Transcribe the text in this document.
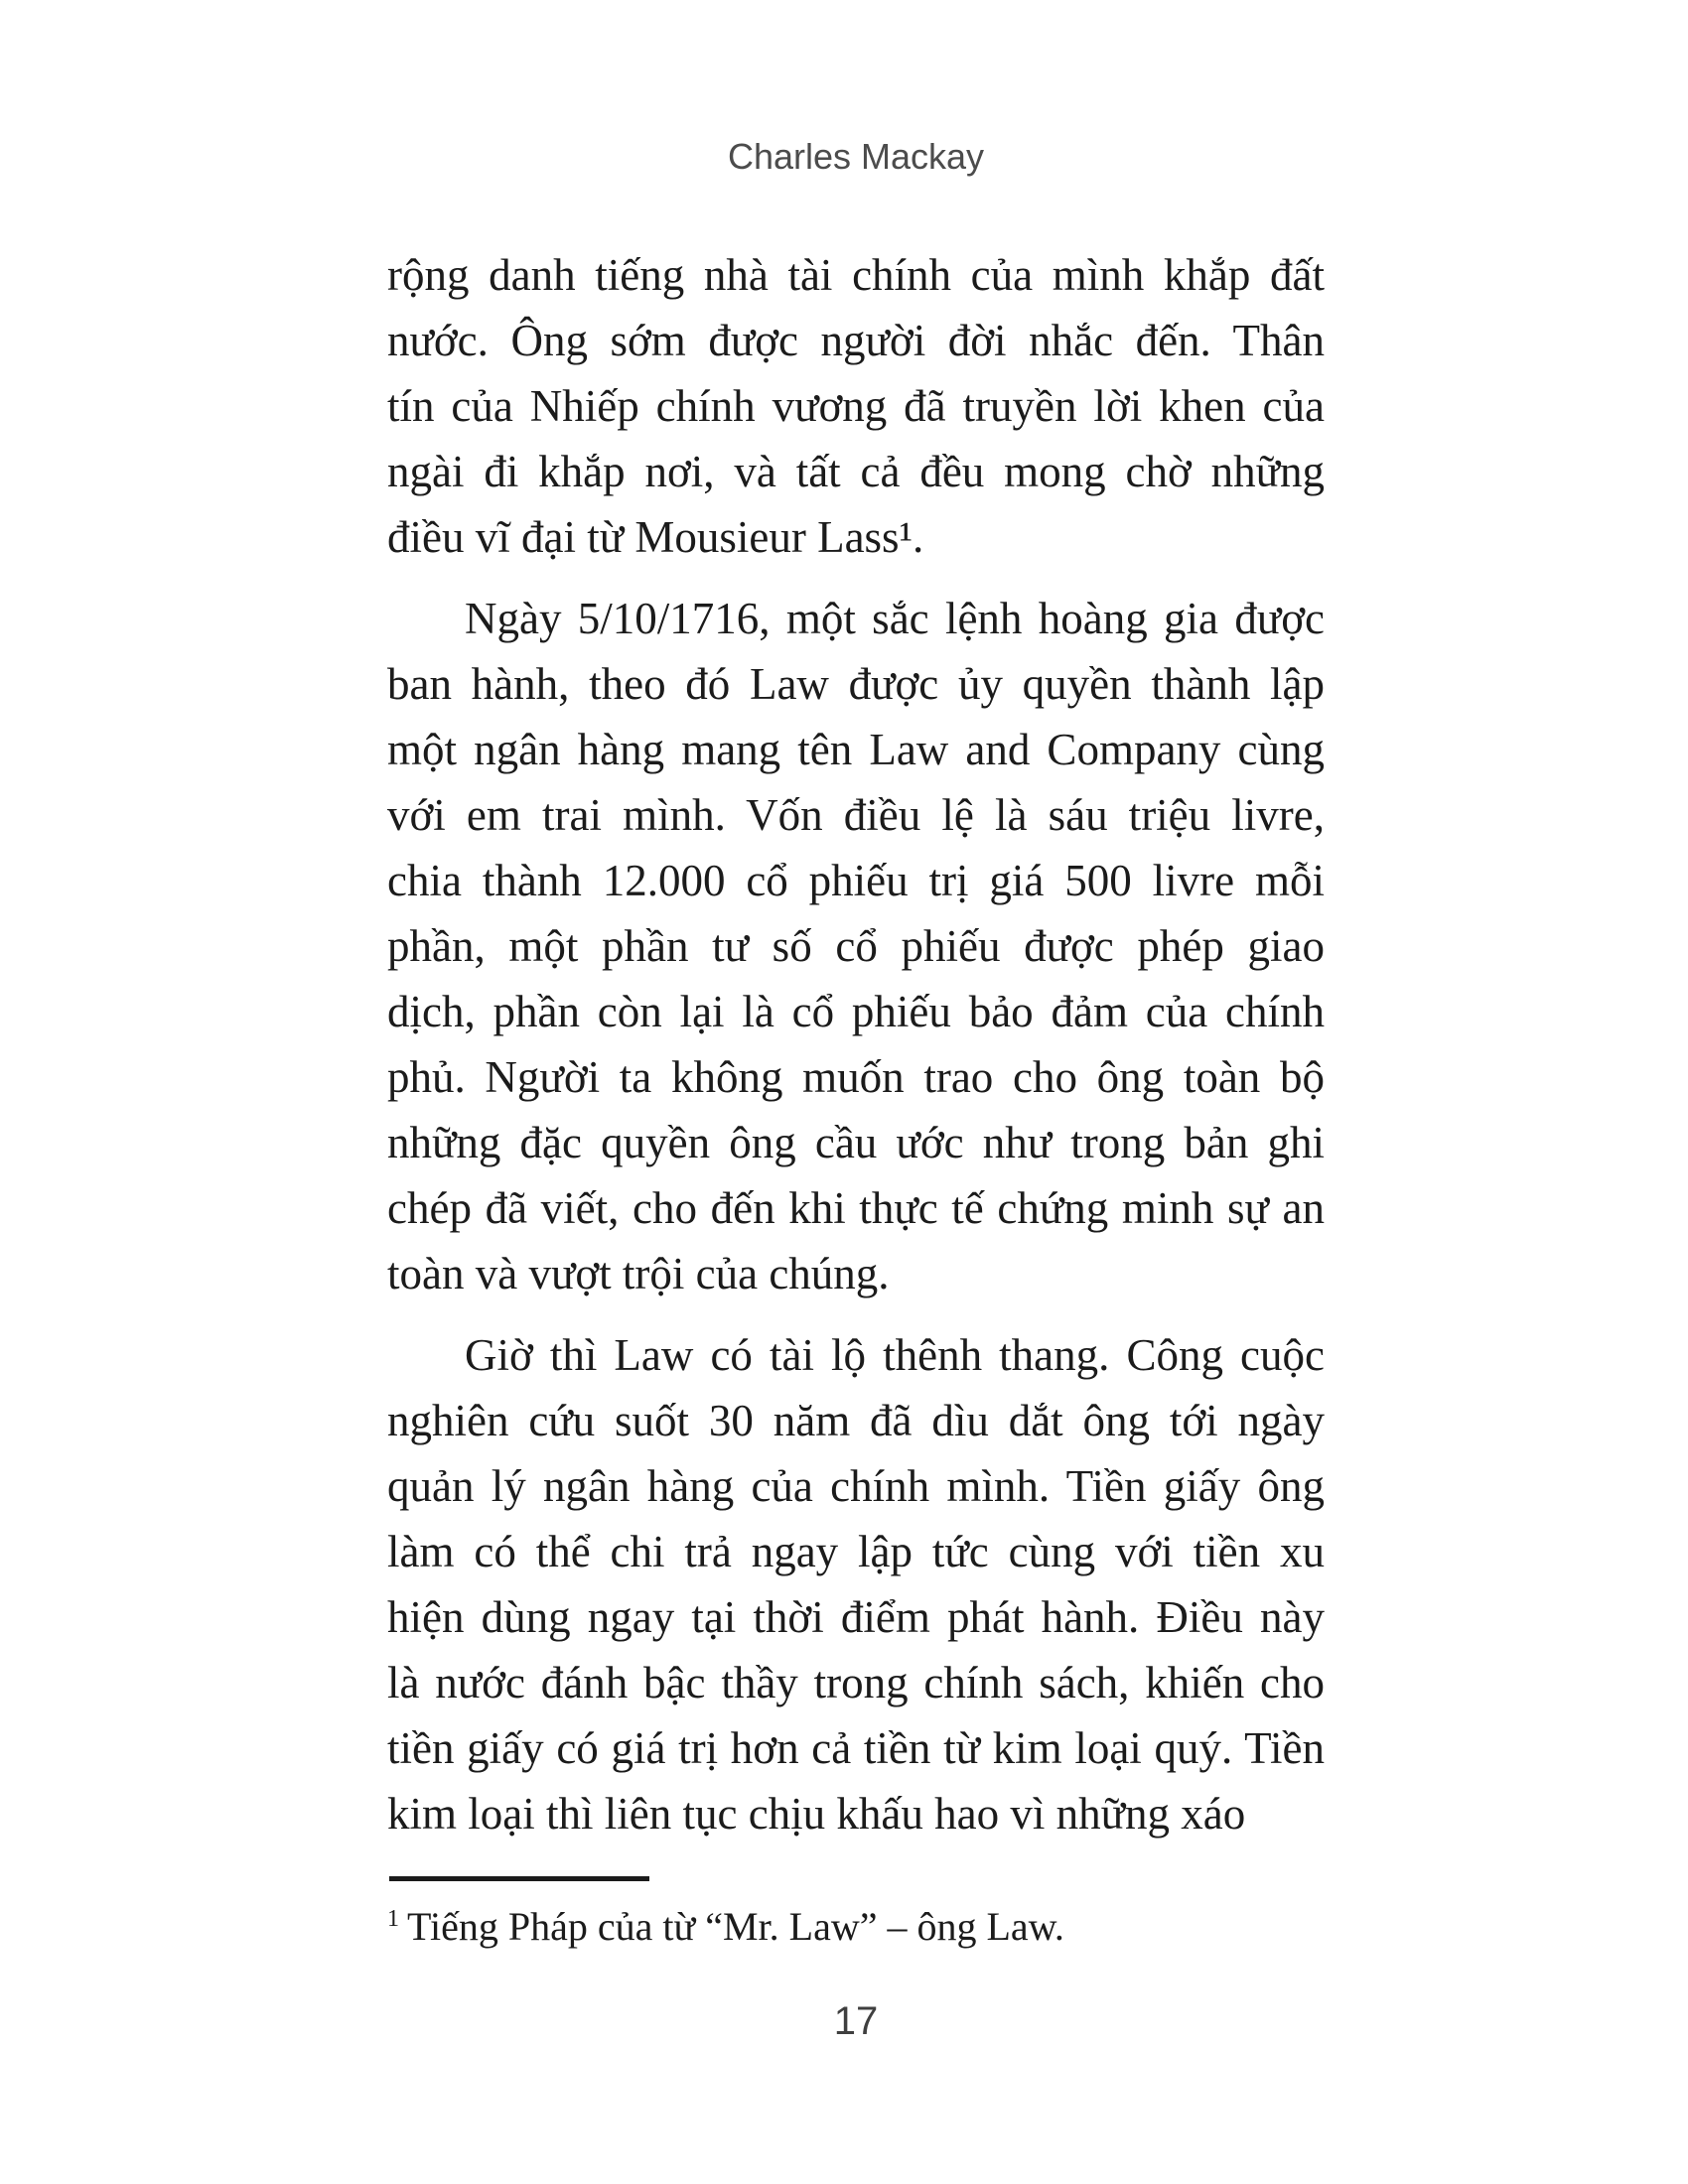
Charles Mackay
rộng danh tiếng nhà tài chính của mình khắp đất
nước. Ông sớm được người đời nhắc đến. Thân
tín của Nhiếp chính vương đã truyền lời khen của
ngài đi khắp nơi, và tất cả đều mong chờ những
điều vĩ đại từ Mousieur Lass¹.
Ngày 5/10/1716, một sắc lệnh hoàng gia được
ban hành, theo đó Law được ủy quyền thành lập
một ngân hàng mang tên Law and Company cùng
với em trai mình. Vốn điều lệ là sáu triệu livre,
chia thành 12.000 cổ phiếu trị giá 500 livre mỗi
phần, một phần tư số cổ phiếu được phép giao
dịch, phần còn lại là cổ phiếu bảo đảm của chính
phủ. Người ta không muốn trao cho ông toàn bộ
những đặc quyền ông cầu ước như trong bản ghi
chép đã viết, cho đến khi thực tế chứng minh sự an
toàn và vượt trội của chúng.
Giờ thì Law có tài lộ thênh thang. Công cuộc
nghiên cứu suốt 30 năm đã dìu dắt ông tới ngày
quản lý ngân hàng của chính mình. Tiền giấy ông
làm có thể chi trả ngay lập tức cùng với tiền xu
hiện dùng ngay tại thời điểm phát hành. Điều này
là nước đánh bậc thầy trong chính sách, khiến cho
tiền giấy có giá trị hơn cả tiền từ kim loại quý. Tiền
kim loại thì liên tục chịu khấu hao vì những xáo
$^1$ Tiếng Pháp của từ “Mr. Law” – ông Law.
17
